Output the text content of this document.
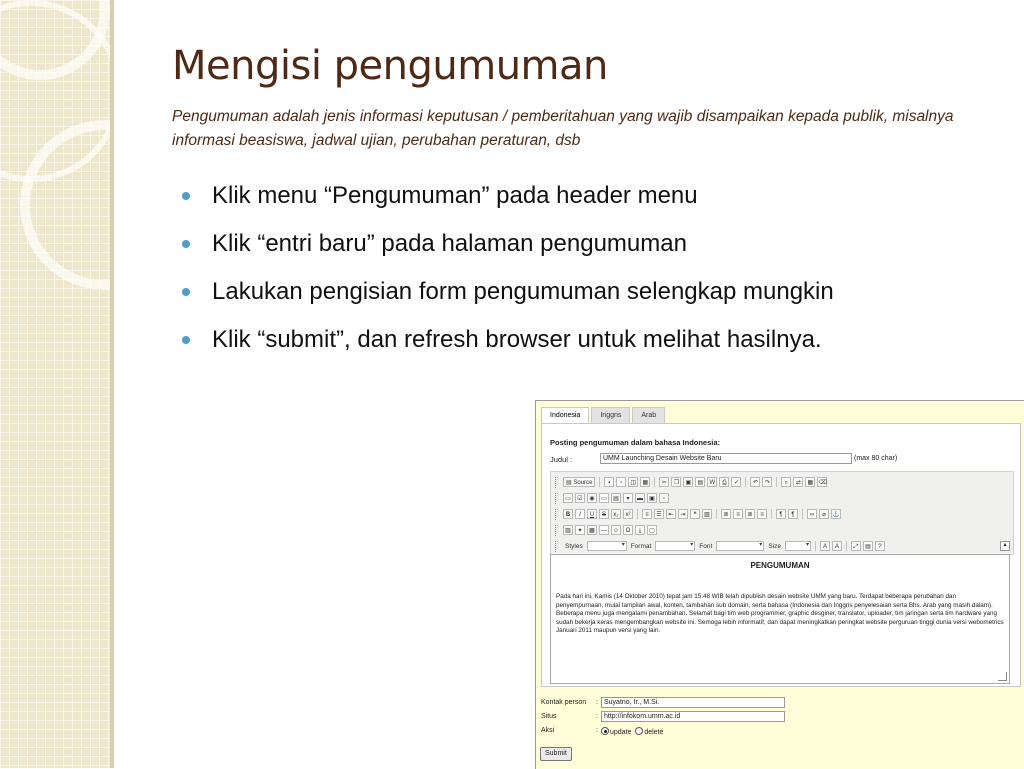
Mengisi pengumuman

Pengumuman adalah jenis informasi keputusan / pemberitahuan yang wajib disampaikan kepada publik, misalnya informasi beasiswa, jadwal ujian, perubahan peraturan, dsb

Klik menu “Pengumuman” pada header menu
Klik “entri baru” pada halaman pengumuman
Lakukan pengisian form pengumuman selengkap mungkin
Klik “submit”, dan refresh browser untuk melihat hasilnya.
Indonesia	Inggris	Arab
Posting pengumuman dalam bahasa Indonesia:
Judul :	UMM Launching Desain Website Baru	(max 80 char)
▤ Source	▪	▫	◫	▦	✂	❐	▣	▤	W	⎙	✓	↶	↷	⌕	⇄	▦ ⌫
▭	☑	◉	▭	▤	▾	▬	▣	▫
B	I	U	S	x₂	x²	≡	☰	⇤	⇥	❝	▧	≣	≡	≣	≡	¶	¶	∞	⌀	⚓
▨	✦	▦	― ☺	Ω	⤓	▢
Styles ▾	Format ▾	Font ▾	Size ▾	A	A	⤢	▤	?	▴
PENGUMUMAN
Pada hari ini, Kamis (14 Oktober 2010) tepat jam 15:48 WIB telah dipublish desain website UMM yang baru. Terdapat beberapa perubahan dan penyempurnaan, mulai tampilan awal, konten, tambahan sub domain, serta bahasa (Indonesia dan Inggris penyelesaian serta Bhs. Arab yang masih dalam). Beberapa menu juga mengalami penambahan. Selamat bagi tim web programmer, graphic desginer, translator, uploader, tim jaringan serta tim hardware yang sudah bekerja keras mengembangkan website ini. Semoga lebih informatif, dan dapat meningkatkan peringkat website perguruan tinggi dunia versi webometrics Januari 2011 maupun versi yang lain.
Kontak person : Suyatno, Ir., M.Si.
Situs	: http://infokom.umm.ac.id
Aksi	:	update delete
Submit
